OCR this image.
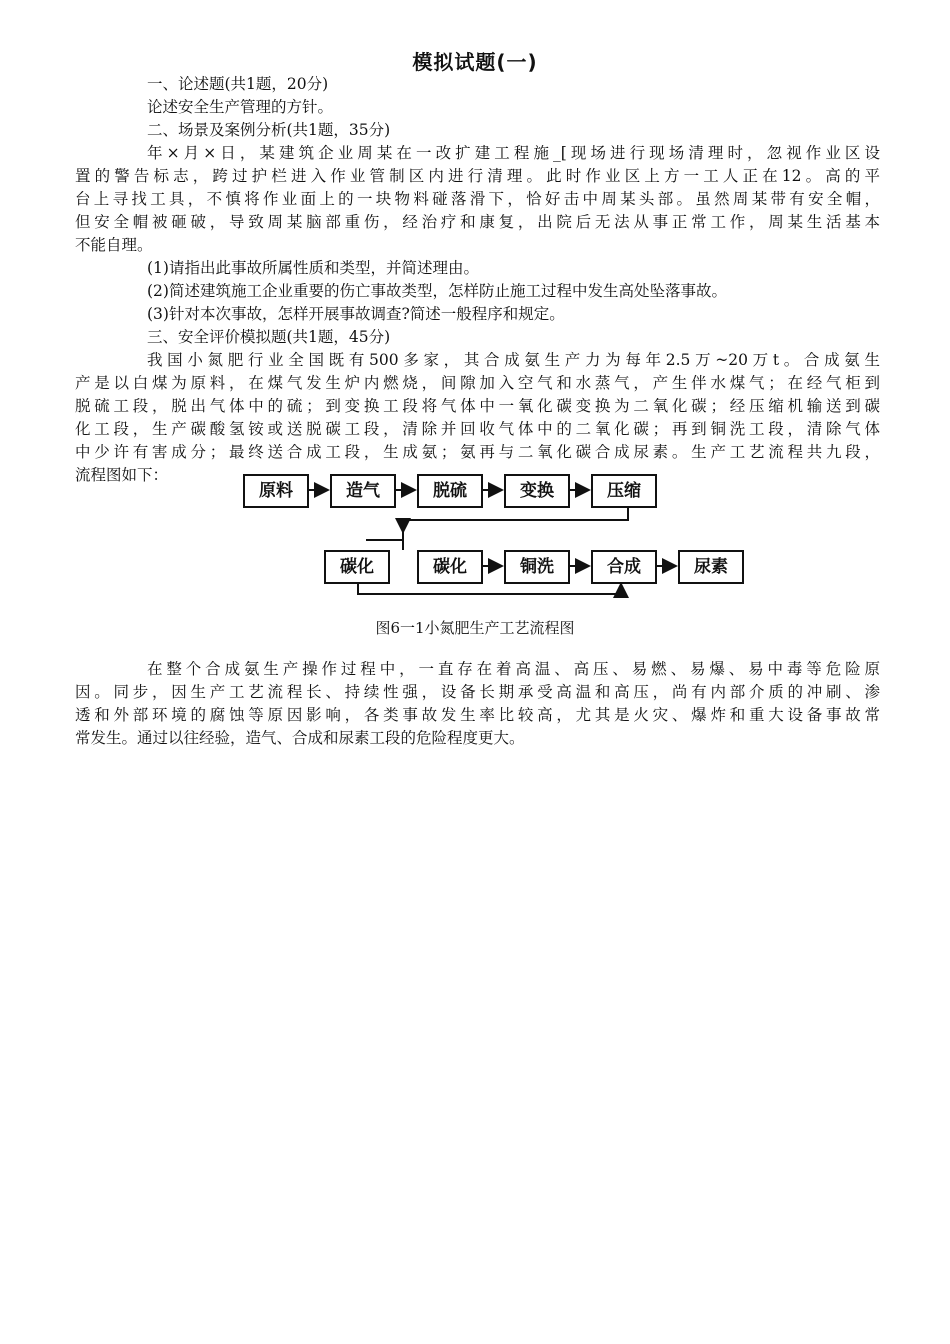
模拟试题(一)
一、论述题(共1题，20分)
论述安全生产管理的方针。
二、场景及案例分析(共1题，35分)
年×月×日，某建筑企业周某在一改扩建工程施_[现场进行现场清理时，忽视作业区设
置的警告标志，跨过护栏进入作业管制区内进行清理。此时作业区上方一工人正在12。高的平
台上寻找工具，不慎将作业面上的一块物料碰落滑下，恰好击中周某头部。虽然周某带有安全帽，
但安全帽被砸破，导致周某脑部重伤，经治疗和康复，出院后无法从事正常工作，周某生活基本
不能自理。
(1)请指出此事故所属性质和类型，并简述理由。
(2)简述建筑施工企业重要的伤亡事故类型，怎样防止施工过程中发生高处坠落事故。
(3)针对本次事故，怎样开展事故调查?简述一般程序和规定。
三、安全评价模拟题(共1题，45分)
我国小氮肥行业全国既有500多家，其合成氨生产力为每年2.5万~20万t。合成氨生
产是以白煤为原料，在煤气发生炉内燃烧，间隙加入空气和水蒸气，产生伴水煤气；在经气柜到
脱硫工段，脱出气体中的硫；到变换工段将气体中一氧化碳变换为二氧化碳；经压缩机输送到碳
化工段，生产碳酸氢铵或送脱碳工段，清除并回收气体中的二氧化碳；再到铜洗工段，清除气体
中少许有害成分；最终送合成工段，生成氨；氨再与二氧化碳合成尿素。生产工艺流程共九段，
流程图如下：
原料	造气	脱硫	变换	压缩
碳化	碳化	铜洗	合成	尿素
图6一1小氮肥生产工艺流程图
在整个合成氨生产操作过程中，一直存在着高温、高压、易燃、易爆、易中毒等危险原
因。同步，因生产工艺流程长、持续性强，设备长期承受高温和高压，尚有内部介质的冲刷、渗
透和外部环境的腐蚀等原因影响，各类事故发生率比较高，尤其是火灾、爆炸和重大设备事故常
常发生。通过以往经验，造气、合成和尿素工段的危险程度更大。
